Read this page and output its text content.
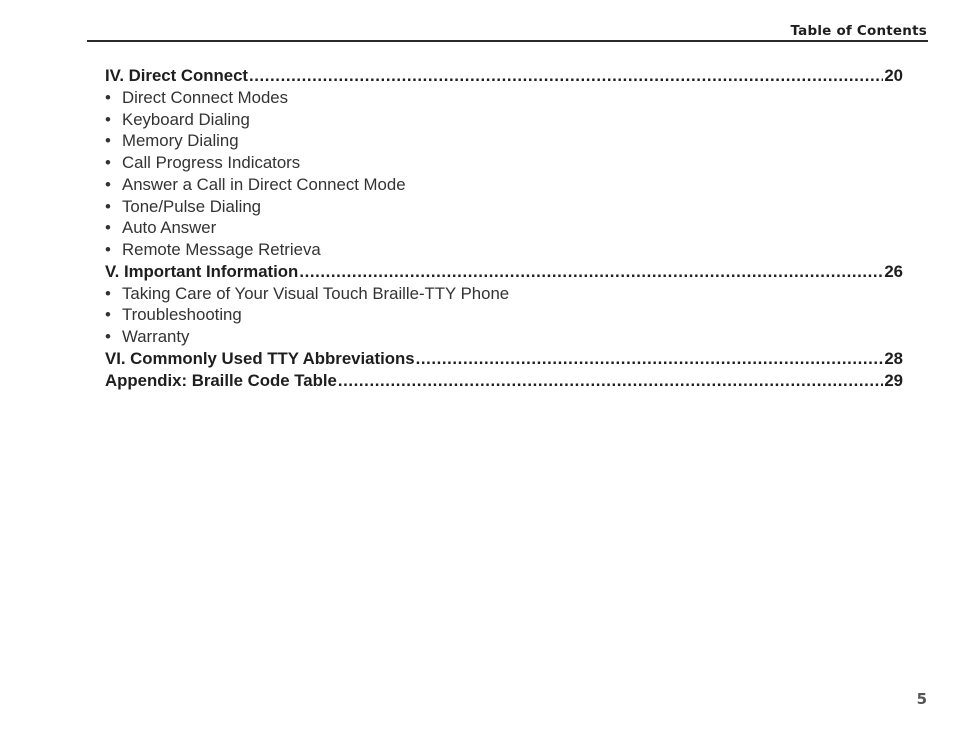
Table of Contents
IV. Direct Connect .....	20
• Direct Connect Modes
• Keyboard Dialing
• Memory Dialing
• Call Progress Indicators
• Answer a Call in Direct Connect Mode
• Tone/Pulse Dialing
• Auto Answer
• Remote Message Retrieva
V. Important Information .....	26
• Taking Care of Your Visual Touch Braille-TTY Phone
• Troubleshooting
• Warranty
VI. Commonly Used TTY Abbreviations .....	28
Appendix: Braille Code Table .....	29
5
